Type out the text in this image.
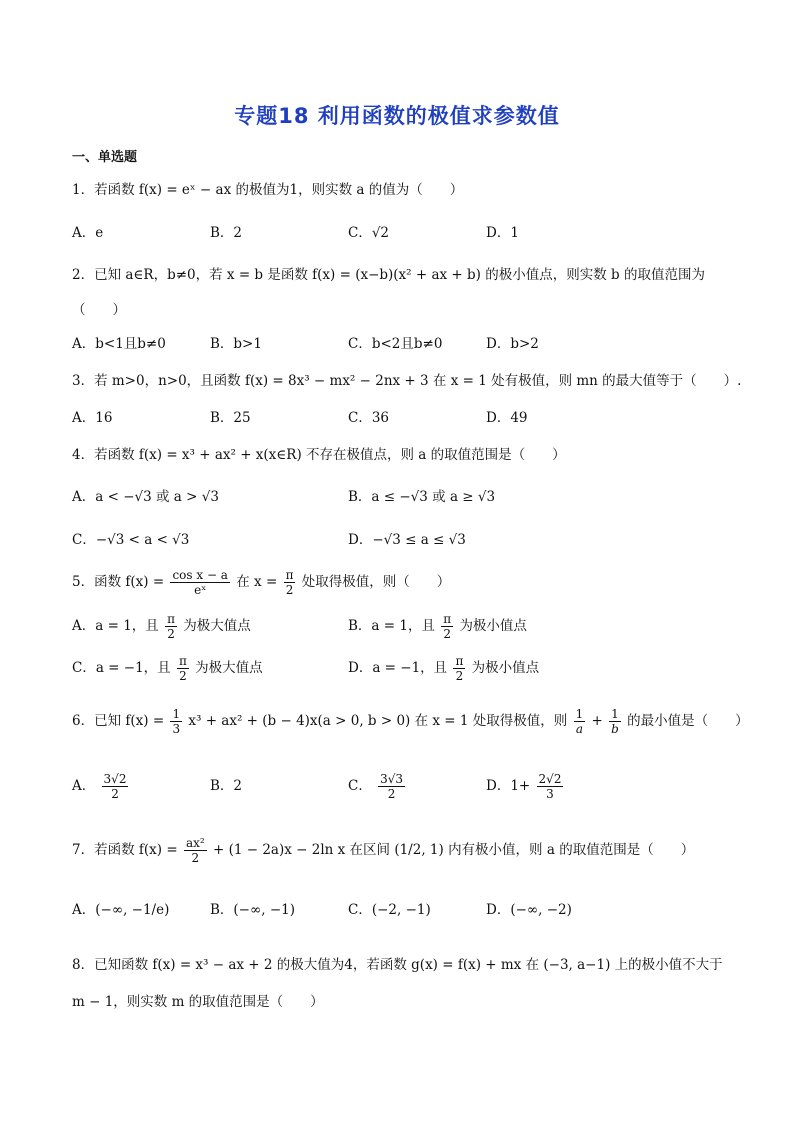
专题18 利用函数的极值求参数值
一、单选题
1．若函数 f(x) = eˣ − ax 的极值为1，则实数 a 的值为（　　）
A．e	B．2	C．√2	D．1
2．已知 a∈R，b≠0，若 x = b 是函数 f(x) = (x−b)(x² + ax + b) 的极小值点，则实数 b 的取值范围为
（　　）
A．b<1且b≠0	B．b>1	C．b<2且b≠0	D．b>2
3．若 m>0，n>0，且函数 f(x) = 8x³ − mx² − 2nx + 3 在 x = 1 处有极值，则 mn 的最大值等于（　　）.
A．16	B．25	C．36	D．49
4．若函数 f(x) = x³ + ax² + x(x∈R) 不存在极值点，则 a 的取值范围是（　　）
A．a < −√3 或 a > √3	B．a ≤ −√3 或 a ≥ √3
C．−√3 < a < √3	D．−√3 ≤ a ≤ √3
5．函数 $f(x) = \frac{\text{cos x − a}}{\text{eˣ}}$ 在 $x = \frac{\pi}{2}$ 处取得极值，则（　　）
A．a = 1，且 $\frac{\pi}{2}$ 为极大值点	B．a = 1，且 $\frac{\pi}{2}$ 为极小值点
C．a = −1，且 $\frac{\pi}{2}$ 为极大值点	D．a = −1，且 $\frac{\pi}{2}$ 为极小值点
6．已知 $f(x) = \frac{1}{3} x^3 + ax^2 + (b - 4)x(a > 0$, b > 0) 在 x = 1 处取得极值，则 $\frac{1}{a} + \frac{1}{b}$ 的最小值是（　　）
A． $\frac{3√2}{2}$	B．2	C． $\frac{3√3}{2}$	D．$1+ \frac{2√2}{3}$
7．若函数 $f(x) = \frac{\text{ax²}}{2} + (1 - 2a)x - 2\ln$ x 在区间 (1/2, 1) 内有极小值，则 a 的取值范围是（　　）
A．(−∞, −1/e)	B．(−∞, −1)	C．(−2, −1)	D．(−∞, −2)
8．已知函数 f(x) = x³ − ax + 2 的极大值为4，若函数 g(x) = f(x) + mx 在 (−3, a−1) 上的极小值不大于
m − 1，则实数 m 的取值范围是（　　）
